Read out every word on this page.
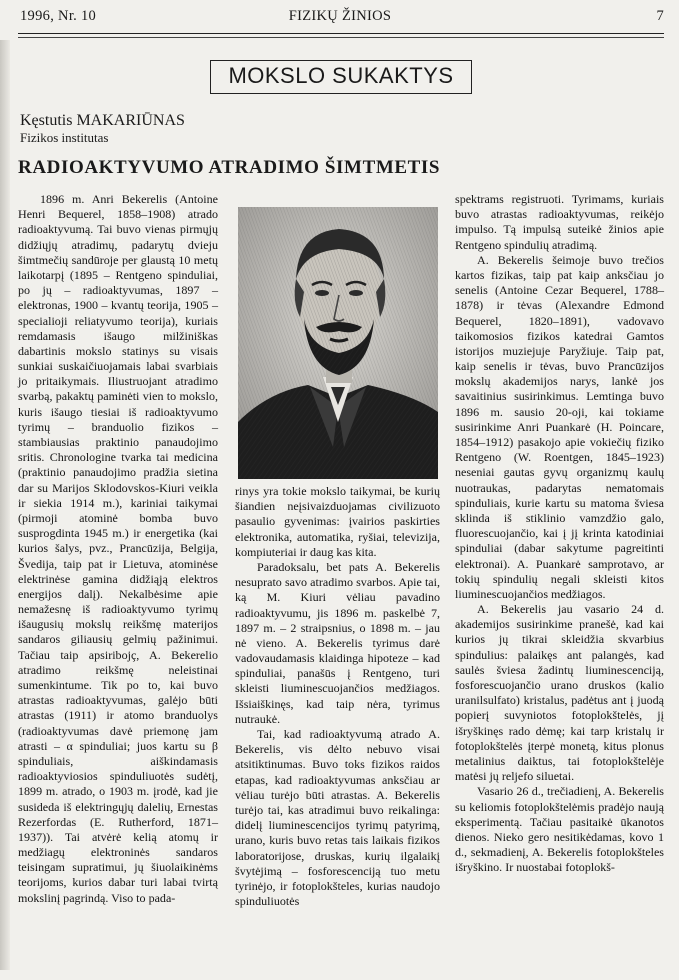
1996, Nr. 10	FIZIKŲ ŽINIOS	7
MOKSLO SUKAKTYS
Kęstutis MAKARIŪNAS
Fizikos institutas
RADIOAKTYVUMO ATRADIMO ŠIMTMETIS

1896 m. Anri Bekerelis (Antoine Henri Bequerel, 1858–1908) atrado radioaktyvumą. Tai buvo vienas pirmųjų didžiųjų atradimų, padarytų dvieju šimtmečių sandūroje per glaustą 10 metų laikotarpį (1895 – Rentgeno spinduliai, po jų – radioaktyvumas, 1897 – elektronas, 1900 – kvantų teorija, 1905 – specialioji reliatyvumo teorija), kuriais remdamasis išaugo milžiniškas dabartinis mokslo statinys su visais sunkiai suskaičiuojamais labai svarbiais jo pritaikymais. Iliustruojant atradimo svarbą, pakaktų paminėti vien to mokslo, kuris išaugo tiesiai iš radioaktyvumo tyrimų – branduolio fizikos – stambiausias praktinio panaudojimo sritis. Chronologine tvarka tai medicina (praktinio panaudojimo pradžia sietina dar su Marijos Sklodovskos-Kiuri veikla ir siekia 1914 m.), kariniai taikymai (pirmoji atominė bomba buvo susprogdinta 1945 m.) ir energetika (kai kurios šalys, pvz., Prancūzija, Belgija, Švedija, taip pat ir Lietuva, atominėse elektrinėse gamina didžiąją elektros energijos dalį). Nekalbėsime apie nemažesnę iš radioaktyvumo tyrimų išaugusių mokslų reikšmę materijos sandaros giliausių gelmių pažinimui. Tačiau taip apsiribojç, A. Bekerelio atradimo reikšmę neleistinai sumenkintume. Tik po to, kai buvo atrastas radioaktyvumas, galėjo būti atrastas (1911) ir atomo branduolys (radioaktyvumas davė priemonę jam atrasti – α spinduliai; juos kartu su β spinduliais, aiškindamasis radioaktyviosios spinduliuotės sudėtį, 1899 m. atrado, o 1903 m. įrodė, kad jie susideda iš elektringųjų dalelių, Ernestas Rezerfordas (E. Rutherford, 1871–1937)). Tai atvėrė kelią atomų ir medžiagų elektroninės sandaros teisingam supratimui, jų šiuolaikinėms teorijoms, kurios dabar turi labai tvirtą mokslinį pagrindą. Viso to pada-

rinys yra tokie mokslo taikymai, be kurių šiandien neįsivaizduojamas civilizuoto pasaulio gyvenimas: įvairios paskirties elektronika, automatika, ryšiai, televizija, kompiuteriai ir daug kas kita.

Paradoksalu, bet pats A. Bekerelis nesuprato savo atradimo svarbos. Apie tai, ką M. Kiuri vėliau pavadino radioaktyvumu, jis 1896 m. paskelbė 7, 1897 m. – 2 straipsnius, o 1898 m. – jau nė vieno. A. Bekerelis tyrimus darė vadovaudamasis klaidinga hipoteze – kad spinduliai, panašūs į Rentgeno, turi skleisti liuminescuojančios medžiagos. Išsiaiškinęs, kad taip nėra, tyrimus nutraukė.

Tai, kad radioaktyvumą atrado A. Bekerelis, vis dėlto nebuvo visai atsitiktinumas. Buvo toks fizikos raidos etapas, kad radioaktyvumas anksčiau ar vėliau turėjo būti atrastas. A. Bekerelis turėjo tai, kas atradimui buvo reikalinga: didelį liuminescencijos tyrimų patyrimą, urano, kuris buvo retas tais laikais fizikos laboratorijose, druskas, kurių ilgalaikį švytėjimą – fosforescenciją tuo metu tyrinėjo, ir fotoplokšteles, kurias naudojo spinduliuotės

spektrams registruoti. Tyrimams, kuriais buvo atrastas radioaktyvumas, reikėjo impulso. Tą impulsą suteikė žinios apie Rentgeno spindulių atradimą.

A. Bekerelis šeimoje buvo trečios kartos fizikas, taip pat kaip anksčiau jo senelis (Antoine Cezar Bequerel, 1788–1878) ir tėvas (Alexandre Edmond Bequerel, 1820–1891), vadovavo taikomosios fizikos katedrai Gamtos istorijos muziejuje Paryžiuje. Taip pat, kaip senelis ir tėvas, buvo Prancūzijos mokslų akademijos narys, lankė jos savaitinius susirinkimus. Lemtinga buvo 1896 m. sausio 20-oji, kai tokiame susirinkime Anri Puankarė (H. Poincare, 1854–1912) pasakojo apie vokiečių fiziko Rentgeno (W. Roentgen, 1845–1923) neseniai gautas gyvų organizmų kaulų nuotraukas, padarytas nematomais spinduliais, kurie kartu su matoma šviesa sklinda iš stiklinio vamzdžio galo, fluorescuojančio, kai į jį krinta katodiniai spinduliai (dabar sakytume pagreitinti elektronai). A. Puankarė samprotavo, ar tokių spindulių negali skleisti kitos liuminescuojančios medžiagos.

A. Bekerelis jau vasario 24 d. akademijos susirinkime pranešė, kad kai kurios jų tikrai skleidžia skvarbius spindulius: palaikęs ant palangės, kad saulės šviesa žadintų liuminescenciją, fosforescuojančio urano druskos (kalio uranilsulfato) kristalus, padėtus ant į juodą popierį suvyniotos fotoplokštelės, jį išryškinęs rado dėmę; kai tarp kristalų ir fotoplokštelės įterpė monetą, kitus plonus metalinius daiktus, tai fotoplokštelėje matėsi jų reljefo siluetai.

Vasario 26 d., trečiadienį, A. Bekerelis su keliomis fotoplokštelėmis pradėjo naują eksperimentą. Tačiau pasitaikė ūkanotos dienos. Nieko gero nesitikėdamas, kovo 1 d., sekmadienį, A. Bekerelis fotoplokšteles išryškino. Ir nuostabai fotoplokš-
